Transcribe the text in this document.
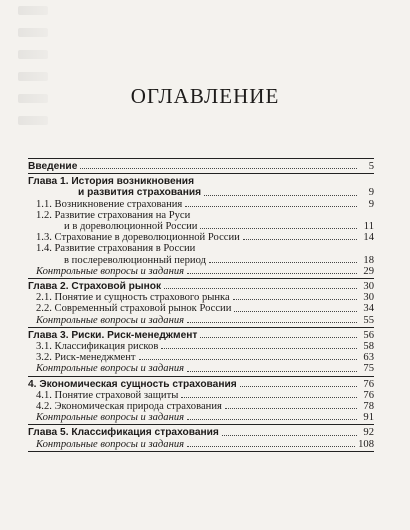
ОГЛАВЛЕНИЕ
Введение	5
Глава 1. История возникновения
и развития страхования	9
1.1. Возникновение страхования	9
1.2. Развитие страхования на Руси
и в дореволюционной России	11
1.3. Страхование в дореволюционной России	14
1.4. Развитие страхования в России
в послереволюционный период	18
Контрольные вопросы и задания	29
Глава 2. Страховой рынок	30
2.1. Понятие и сущность страхового рынка	30
2.2. Современный страховой рынок России	34
Контрольные вопросы и задания	55
Глава 3. Риски. Риск-менеджмент	56
3.1. Классификация рисков	58
3.2. Риск-менеджмент	63
Контрольные вопросы и задания	75
4. Экономическая сущность страхования	76
4.1. Понятие страховой защиты	76
4.2. Экономическая природа страхования	78
Контрольные вопросы и задания	91
Глава 5. Классификация страхования	92
Контрольные вопросы и задания	108
